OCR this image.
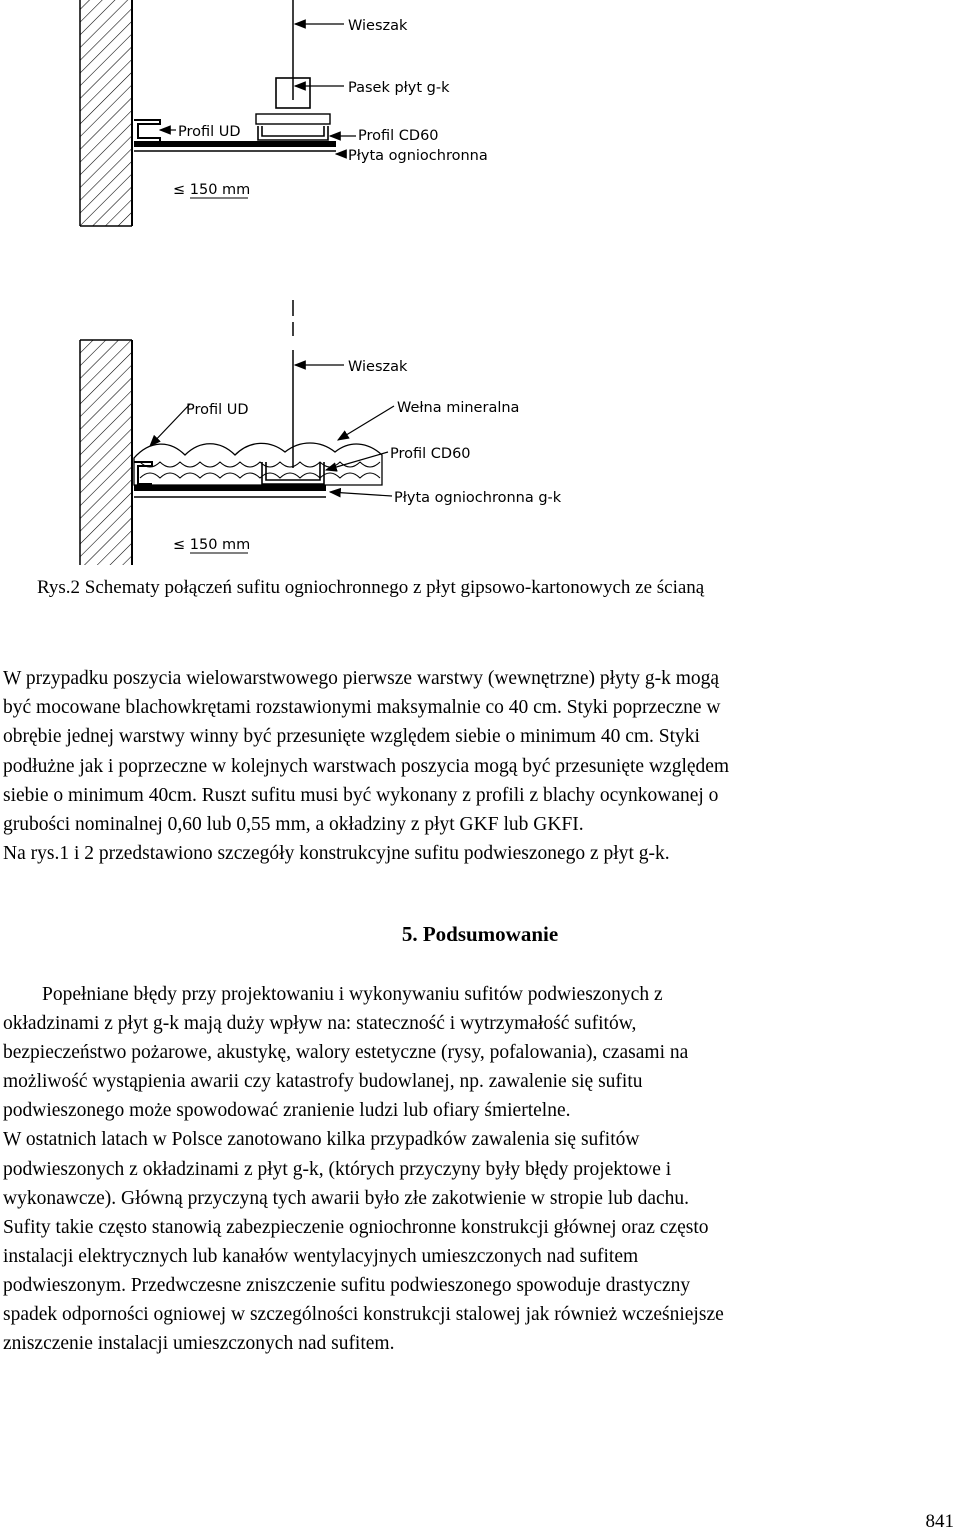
Wieszak
Pasek płyt g-k
Profil UD	Profil CD60
Płyta ogniochronna
≤ 150 mm
Wieszak
Profil UD	Wełna mineralna
Profil CD60
Płyta ogniochronna g-k
≤ 150 mm

Rys.2 Schematy połączeń sufitu ogniochronnego z płyt gipsowo-kartonowych ze ścianą

W przypadku poszycia wielowarstwowego pierwsze warstwy (wewnętrzne) płyty g-k mogą
być mocowane blachowkrętami rozstawionymi maksymalnie co 40 cm. Styki poprzeczne w
obrębie jednej warstwy winny być przesunięte względem siebie o minimum 40 cm. Styki
podłużne jak i poprzeczne w kolejnych warstwach poszycia mogą być przesunięte względem
siebie o minimum 40cm. Ruszt sufitu musi być wykonany z profili z blachy ocynkowanej o
grubości nominalnej 0,60 lub 0,55 mm, a okładziny z płyt GKF lub GKFI.
Na rys.1 i 2 przedstawiono szczegóły konstrukcyjne sufitu podwieszonego z płyt g-k.
5. Podsumowanie
Popełniane błędy przy projektowaniu i wykonywaniu sufitów podwieszonych z
okładzinami z płyt g-k mają duży wpływ na: stateczność i wytrzymałość sufitów,
bezpieczeństwo pożarowe, akustykę, walory estetyczne (rysy, pofalowania), czasami na
możliwość wystąpienia awarii czy katastrofy budowlanej, np. zawalenie się sufitu
podwieszonego może spowodować zranienie ludzi lub ofiary śmiertelne.
W ostatnich latach w Polsce zanotowano kilka przypadków zawalenia się sufitów
podwieszonych z okładzinami z płyt g-k, (których przyczyny były błędy projektowe i
wykonawcze). Główną przyczyną tych awarii było złe zakotwienie w stropie lub dachu.
Sufity takie często stanowią zabezpieczenie ogniochronne konstrukcji głównej oraz często
instalacji elektrycznych lub kanałów wentylacyjnych umieszczonych nad sufitem
podwieszonym. Przedwczesne zniszczenie sufitu podwieszonego spowoduje drastyczny
spadek odporności ogniowej w szczególności konstrukcji stalowej jak również wcześniejsze
zniszczenie instalacji umieszczonych nad sufitem.
841
